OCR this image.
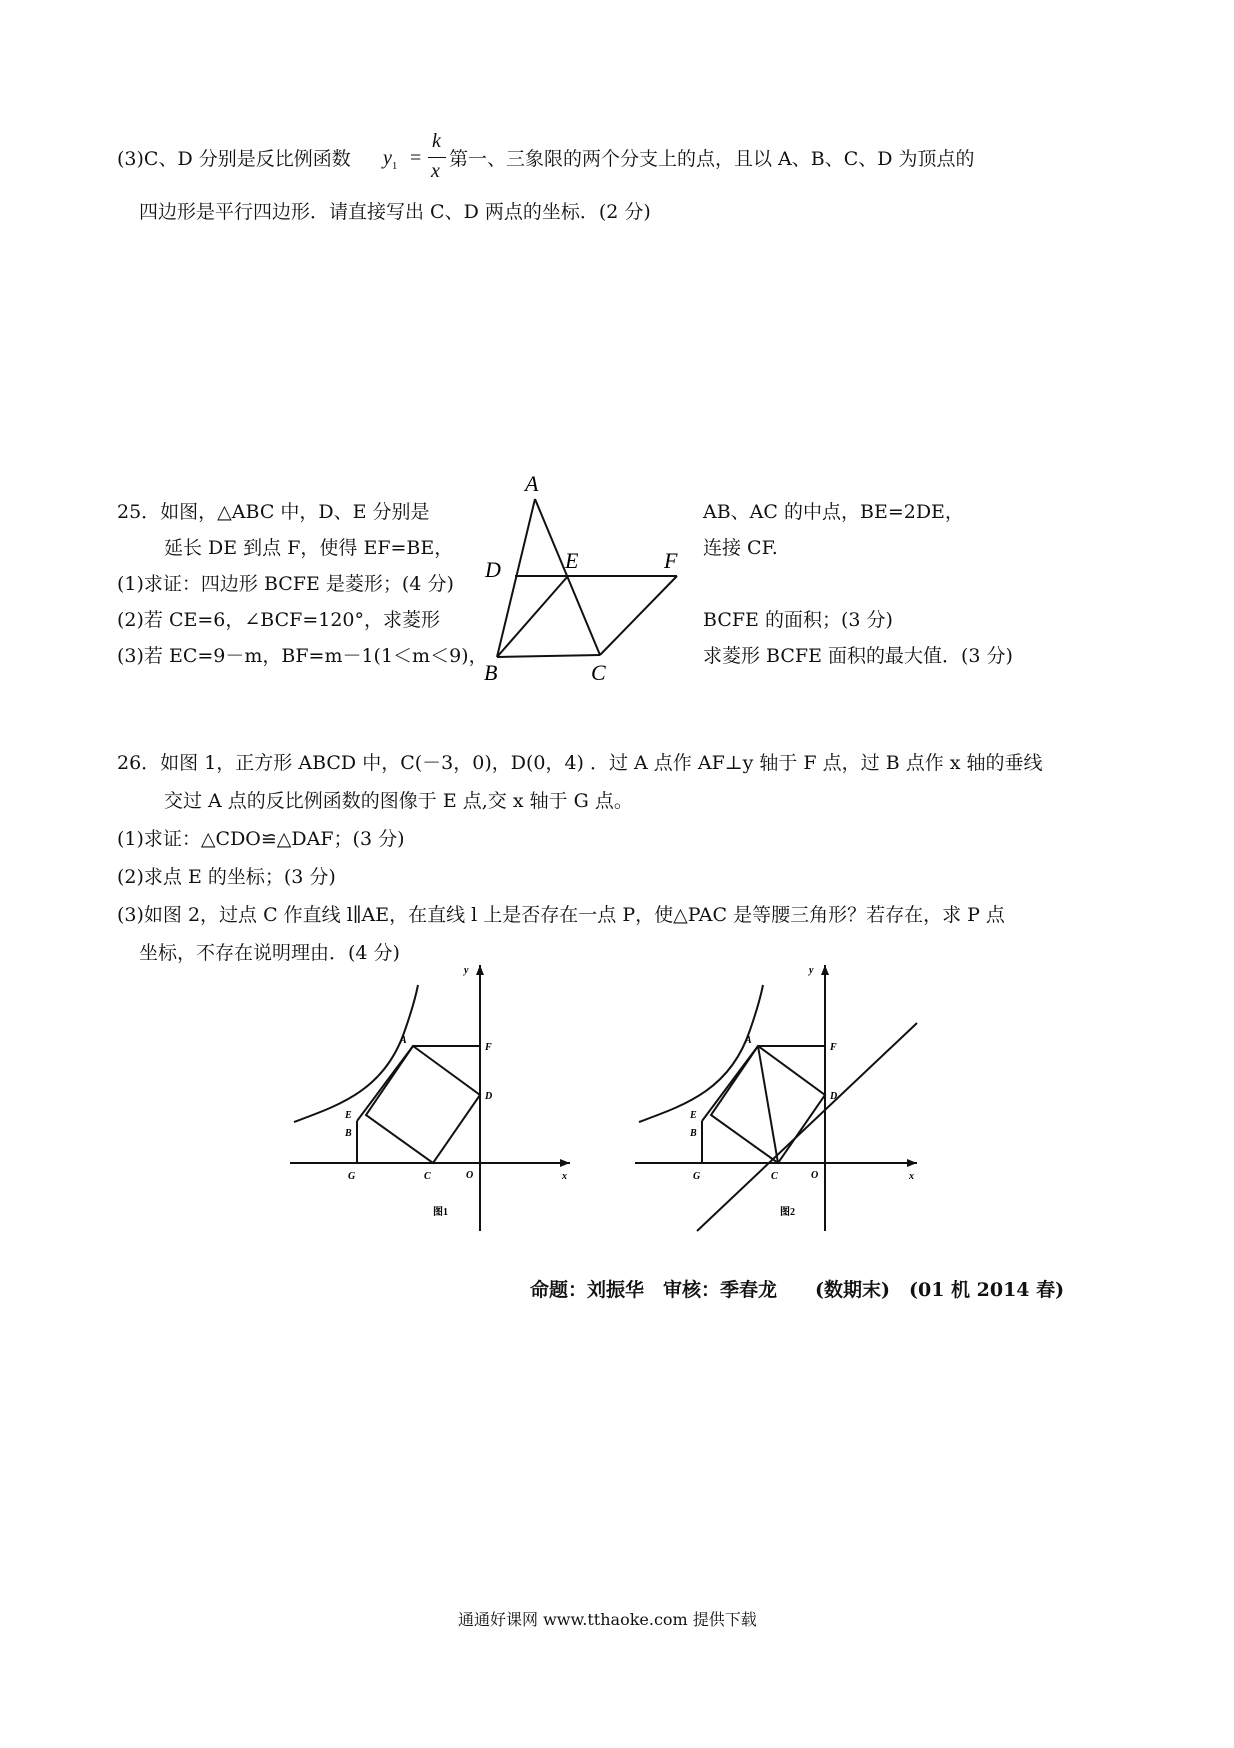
(3)C、D 分别是反比例函数 $y_1$ =
k
x
第一、三象限的两个分支上的点，且以 A、B、C、D 为顶点的
四边形是平行四边形．请直接写出 C、D 两点的坐标．(2 分)
25．如图，△ABC 中，D、E 分别是	AB、AC 的中点，BE=2DE，
延长 DE 到点 F，使得 EF=BE，	连接 CF.
(1)求证：四边形 BCFE 是菱形；(4 分)
(2)若 CE=6，∠BCF=120°，求菱形	BCFE 的面积；(3 分)
(3)若 EC=9－m，BF=m－1(1＜m＜9)，	求菱形 BCFE 面积的最大值．(3 分)
A
D	E	F
B	C
26．如图 1，正方形 ABCD 中，C(－3，0)，D(0，4) ．过 A 点作 AF⊥y 轴于 F 点，过 B 点作 x 轴的垂线
交过 A 点的反比例函数的图像于 E 点,交 x 轴于 G 点。
(1)求证：△CDO≌△DAF；(3 分)
(2)求点 E 的坐标；(3 分)
(3)如图 2，过点 C 作直线 l∥AE，在直线 l 上是否存在一点 P，使△PAC 是等腰三角形？若存在，求 P 点
坐标，不存在说明理由．(4 分)
y
x
O
A
F
D
E
B
G	C
图1
y
x
O
A
F
D
E
B
G	C
图2
命题：刘振华　审核：季春龙　　(数期末)　(01 机 2014 春)
通通好课网 www.tthaoke.com 提供下载
